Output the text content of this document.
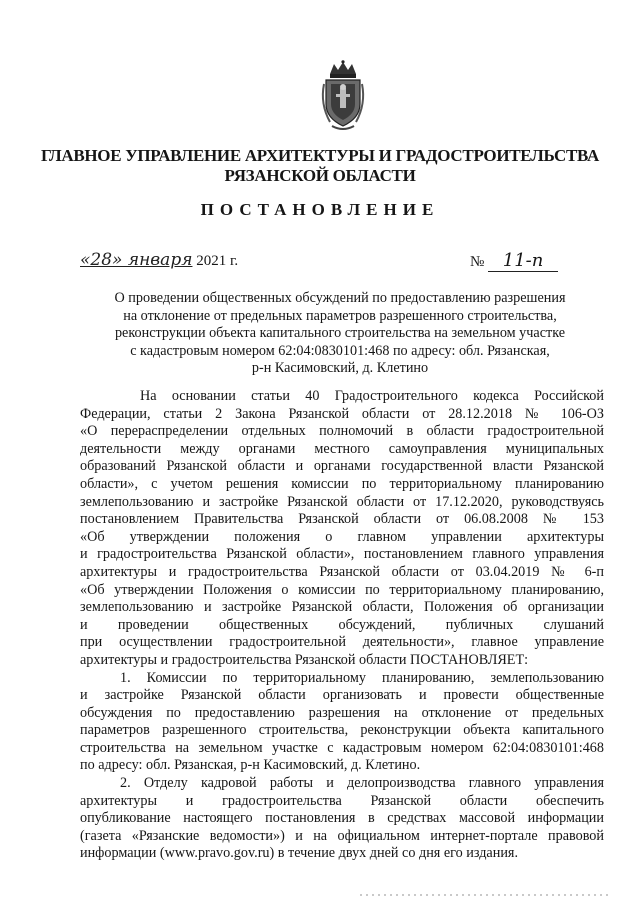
ГЛАВНОЕ УПРАВЛЕНИЕ АРХИТЕКТУРЫ И ГРАДОСТРОИТЕЛЬСТВА
РЯЗАНСКОЙ ОБЛАСТИ
ПОСТАНОВЛЕНИЕ
«28» января 2021 г.	№ 11-п
О проведении общественных обсуждений по предоставлению разрешения
на отклонение от предельных параметров разрешенного строительства,
реконструкции объекта капитального строительства на земельном участке
с кадастровым номером 62:04:0830101:468 по адресу: обл. Рязанская,
р-н Касимовский, д. Клетино
На основании статьи 40 Градостроительного кодекса Российской
Федерации, статьи 2 Закона Рязанской области от 28.12.2018 № 106-ОЗ
«О перераспределении отдельных полномочий в области градостроительной
деятельности между органами местного самоуправления муниципальных
образований Рязанской области и органами государственной власти Рязанской
области», с учетом решения комиссии по территориальному планированию
землепользованию и застройке Рязанской области от 17.12.2020, руководствуясь
постановлением Правительства Рязанской области от 06.08.2008 № 153
«Об утверждении положения о главном управлении архитектуры
и градостроительства Рязанской области», постановлением главного управления
архитектуры и градостроительства Рязанской области от 03.04.2019 № 6-п
«Об утверждении Положения о комиссии по территориальному планированию,
землепользованию и застройке Рязанской области, Положения об организации
и проведении общественных обсуждений, публичных слушаний
при осуществлении градостроительной деятельности», главное управление
архитектуры и градостроительства Рязанской области ПОСТАНОВЛЯЕТ:
1. Комиссии по территориальному планированию, землепользованию
и застройке Рязанской области организовать и провести общественные
обсуждения по предоставлению разрешения на отклонение от предельных
параметров разрешенного строительства, реконструкции объекта капитального
строительства на земельном участке с кадастровым номером 62:04:0830101:468
по адресу: обл. Рязанская, р-н Касимовский, д. Клетино.
2. Отделу кадровой работы и делопроизводства главного управления
архитектуры и градостроительства Рязанской области обеспечить
опубликование настоящего постановления в средствах массовой информации
(газета «Рязанские ведомости») и на официальном интернет-портале правовой
информации (www.pravo.gov.ru) в течение двух дней со дня его издания.
